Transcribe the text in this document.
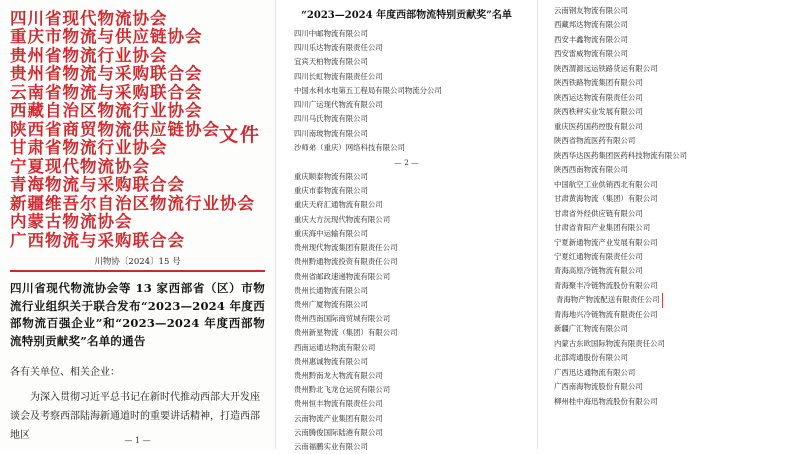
四川省现代物流协会
重庆市物流与供应链协会
贵州省物流行业协会
贵州省物流与采购联合会
云南省物流与采购联合会
西藏自治区物流行业协会
陕西省商贸物流供应链协会
甘肃省物流行业协会
宁夏现代物流协会
青海物流与采购联合会
新疆维吾尔自治区物流行业协会
内蒙古物流协会
广西物流与采购联合会
文件
川物协〔2024〕15 号
四川省现代物流协会等 13 家西部省（区）市物流行业组织关于联合发布“2023—2024 年度西部物流百强企业”和“2023—2024 年度西部物流特别贡献奖”名单的通告

各有关单位、相关企业：

为深入贯彻习近平总书记在新时代推动西部大开发座谈会及考察西部陆海新通道时的重要讲话精神，打造西部地区	— 1 —
“2023—2024 年度西部物流特别贡献奖”名单
四川中邮物流有限公司
四川乐达物流有限责任公司
宜宾天柏物流有限公司
四川长虹物流有限责任公司
中国水利水电第五工程局有限公司物流分公司
四川广运现代物流有限公司
四川马氏物流有限公司
四川南玻物流有限公司
沙师弟（重庆）网络科技有限公司
— 2 —
重庆顺泰物流有限公司
重庆市泰物流有限公司
重庆天府汇通物流有限公司
重庆大方沅现代物流有限公司
重庆海中运输有限公司
贵州现代物流集团有限责任公司
贵州黔通物流投资有限责任公司
贵州省邮政速递物流有限公司
贵州长通物流有限公司
贵州广厦物流有限公司
贵州西南国际商贸城有限公司
贵州新星物流（集团）有限公司
西南运通达物流有限公司
贵州惠诚物流有限公司
贵州黔南龙大物流有限公司
贵州黔北飞龙仓运贸有限公司
贵州恒丰物流有限责任公司
云南物流产业集团有限公司
云南腾俊国际陆港有限公司
云南福鹏实业有限公司
云南钢友物流有限公司
西藏邦达物流有限公司
西安丰鑫物流有限公司
西安雷威物流有限公司
陕西渭源远运铁路货运有限公司
陕西铁路物流集团有限公司
陕西运达物流有限责任公司
陕西秩秤实业发展有限公司
重庆医药国药控股有限公司
陕西省物流医药有限公司
陕西华达医药集团医药科技物流有限公司
陕西西南物流有限公司
中国航空工业供销西北有限公司
甘肃黄海物流（集团）有限公司
甘肃省外经供应链有限公司
甘肃省青阳产业集团有限公司
宁夏新通物流产业发展有限公司
宁夏红通物流有限责任公司
青海高原冷链物流有限公司
青海聚丰冷链物流股份有限公司
青海物产物流配送有限责任公司
青海地兴冷链物流有限责任公司
新疆广汇物流有限公司
内蒙古东欧国际物流有限责任公司
北部湾通股份有限公司
广西迅达通物流有限公司
广西南海物流股份有限公司
柳州桂中海迅物流股份有限公司
